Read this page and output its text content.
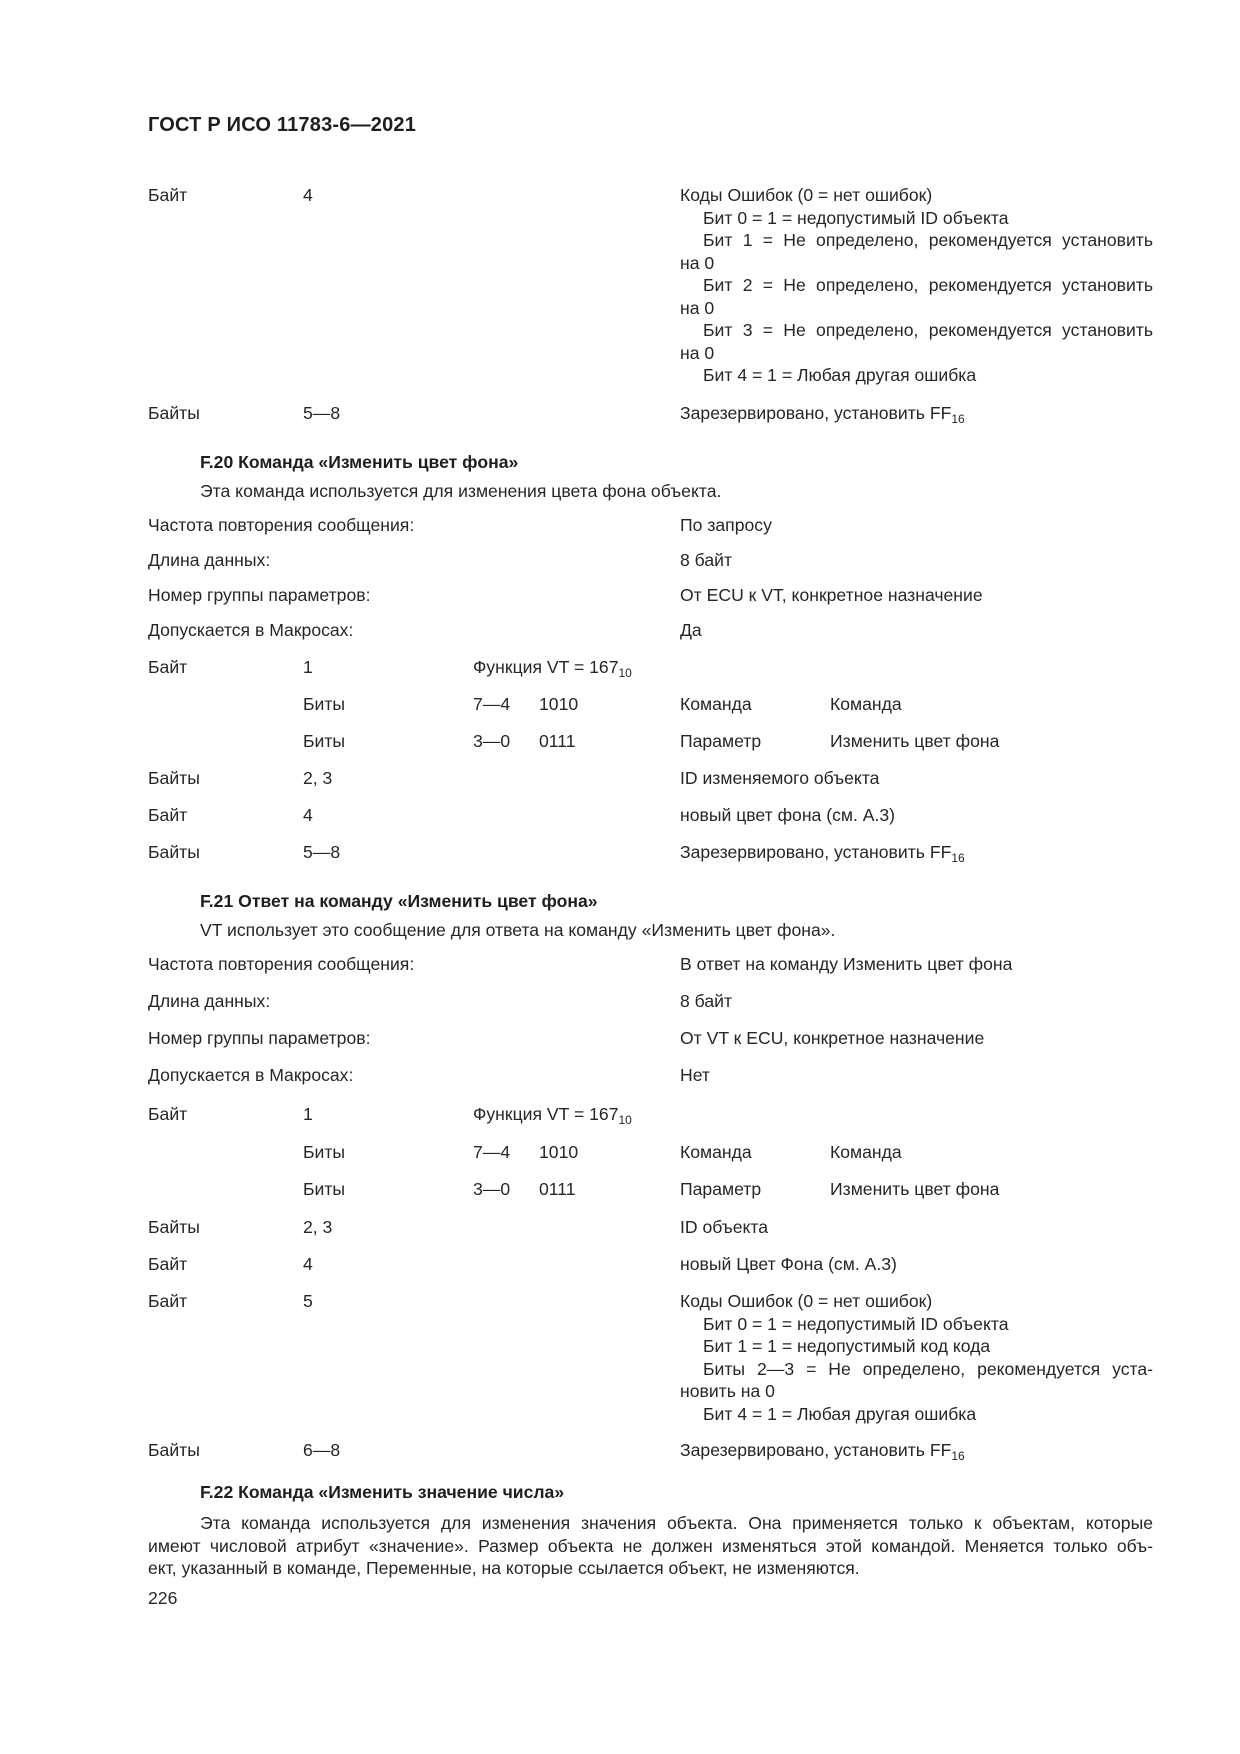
ГОСТ Р ИСО 11783-6—2021
Байт	4	Коды Ошибок (0 = нет ошибок)
Бит 0 = 1 = недопустимый ID объекта
Бит 1 = Не определено, рекомендуется установить
на 0
Бит 2 = Не определено, рекомендуется установить
на 0
Бит 3 = Не определено, рекомендуется установить
на 0
Бит 4 = 1 = Любая другая ошибка
Байты	5—8	Зарезервировано, установить $FF_{16}$
F.20 Команда «Изменить цвет фона»
Эта команда используется для изменения цвета фона объекта.
Частота повторения сообщения:	По запросу
Длина данных:	8 байт
Номер группы параметров:	От ECU к VT, конкретное назначение
Допускается в Макросах:	Да
Байт	1	Функция VT = $167_{10}$
Биты	7—4 1010	Команда	Команда
Биты	3—0 0111	Параметр	Изменить цвет фона
Байты	2, 3	ID изменяемого объекта
Байт	4	новый цвет фона (см. А.3)
Байты	5—8	Зарезервировано, установить $FF_{16}$
F.21 Ответ на команду «Изменить цвет фона»
VT использует это сообщение для ответа на команду «Изменить цвет фона».
Частота повторения сообщения:	В ответ на команду Изменить цвет фона
Длина данных:	8 байт
Номер группы параметров:	От VT к ECU, конкретное назначение
Допускается в Макросах:	Нет
Байт	1	Функция VT = $167_{10}$
Биты	7—4 1010	Команда	Команда
Биты	3—0 0111	Параметр	Изменить цвет фона
Байты	2, 3	ID объекта
Байт	4	новый Цвет Фона (см. А.3)
Байт	5	Коды Ошибок (0 = нет ошибок)
Бит 0 = 1 = недопустимый ID объекта
Бит 1 = 1 = недопустимый код кода
Биты 2—3 = Не определено, рекомендуется уста-
новить на 0
Бит 4 = 1 = Любая другая ошибка
Байты	6—8	Зарезервировано, установить $FF_{16}$
F.22 Команда «Изменить значение числа»
Эта команда используется для изменения значения объекта. Она применяется только к объектам, которые
имеют числовой атрибут «значение». Размер объекта не должен изменяться этой командой. Меняется только объ-
ект, указанный в команде, Переменные, на которые ссылается объект, не изменяются.
226
